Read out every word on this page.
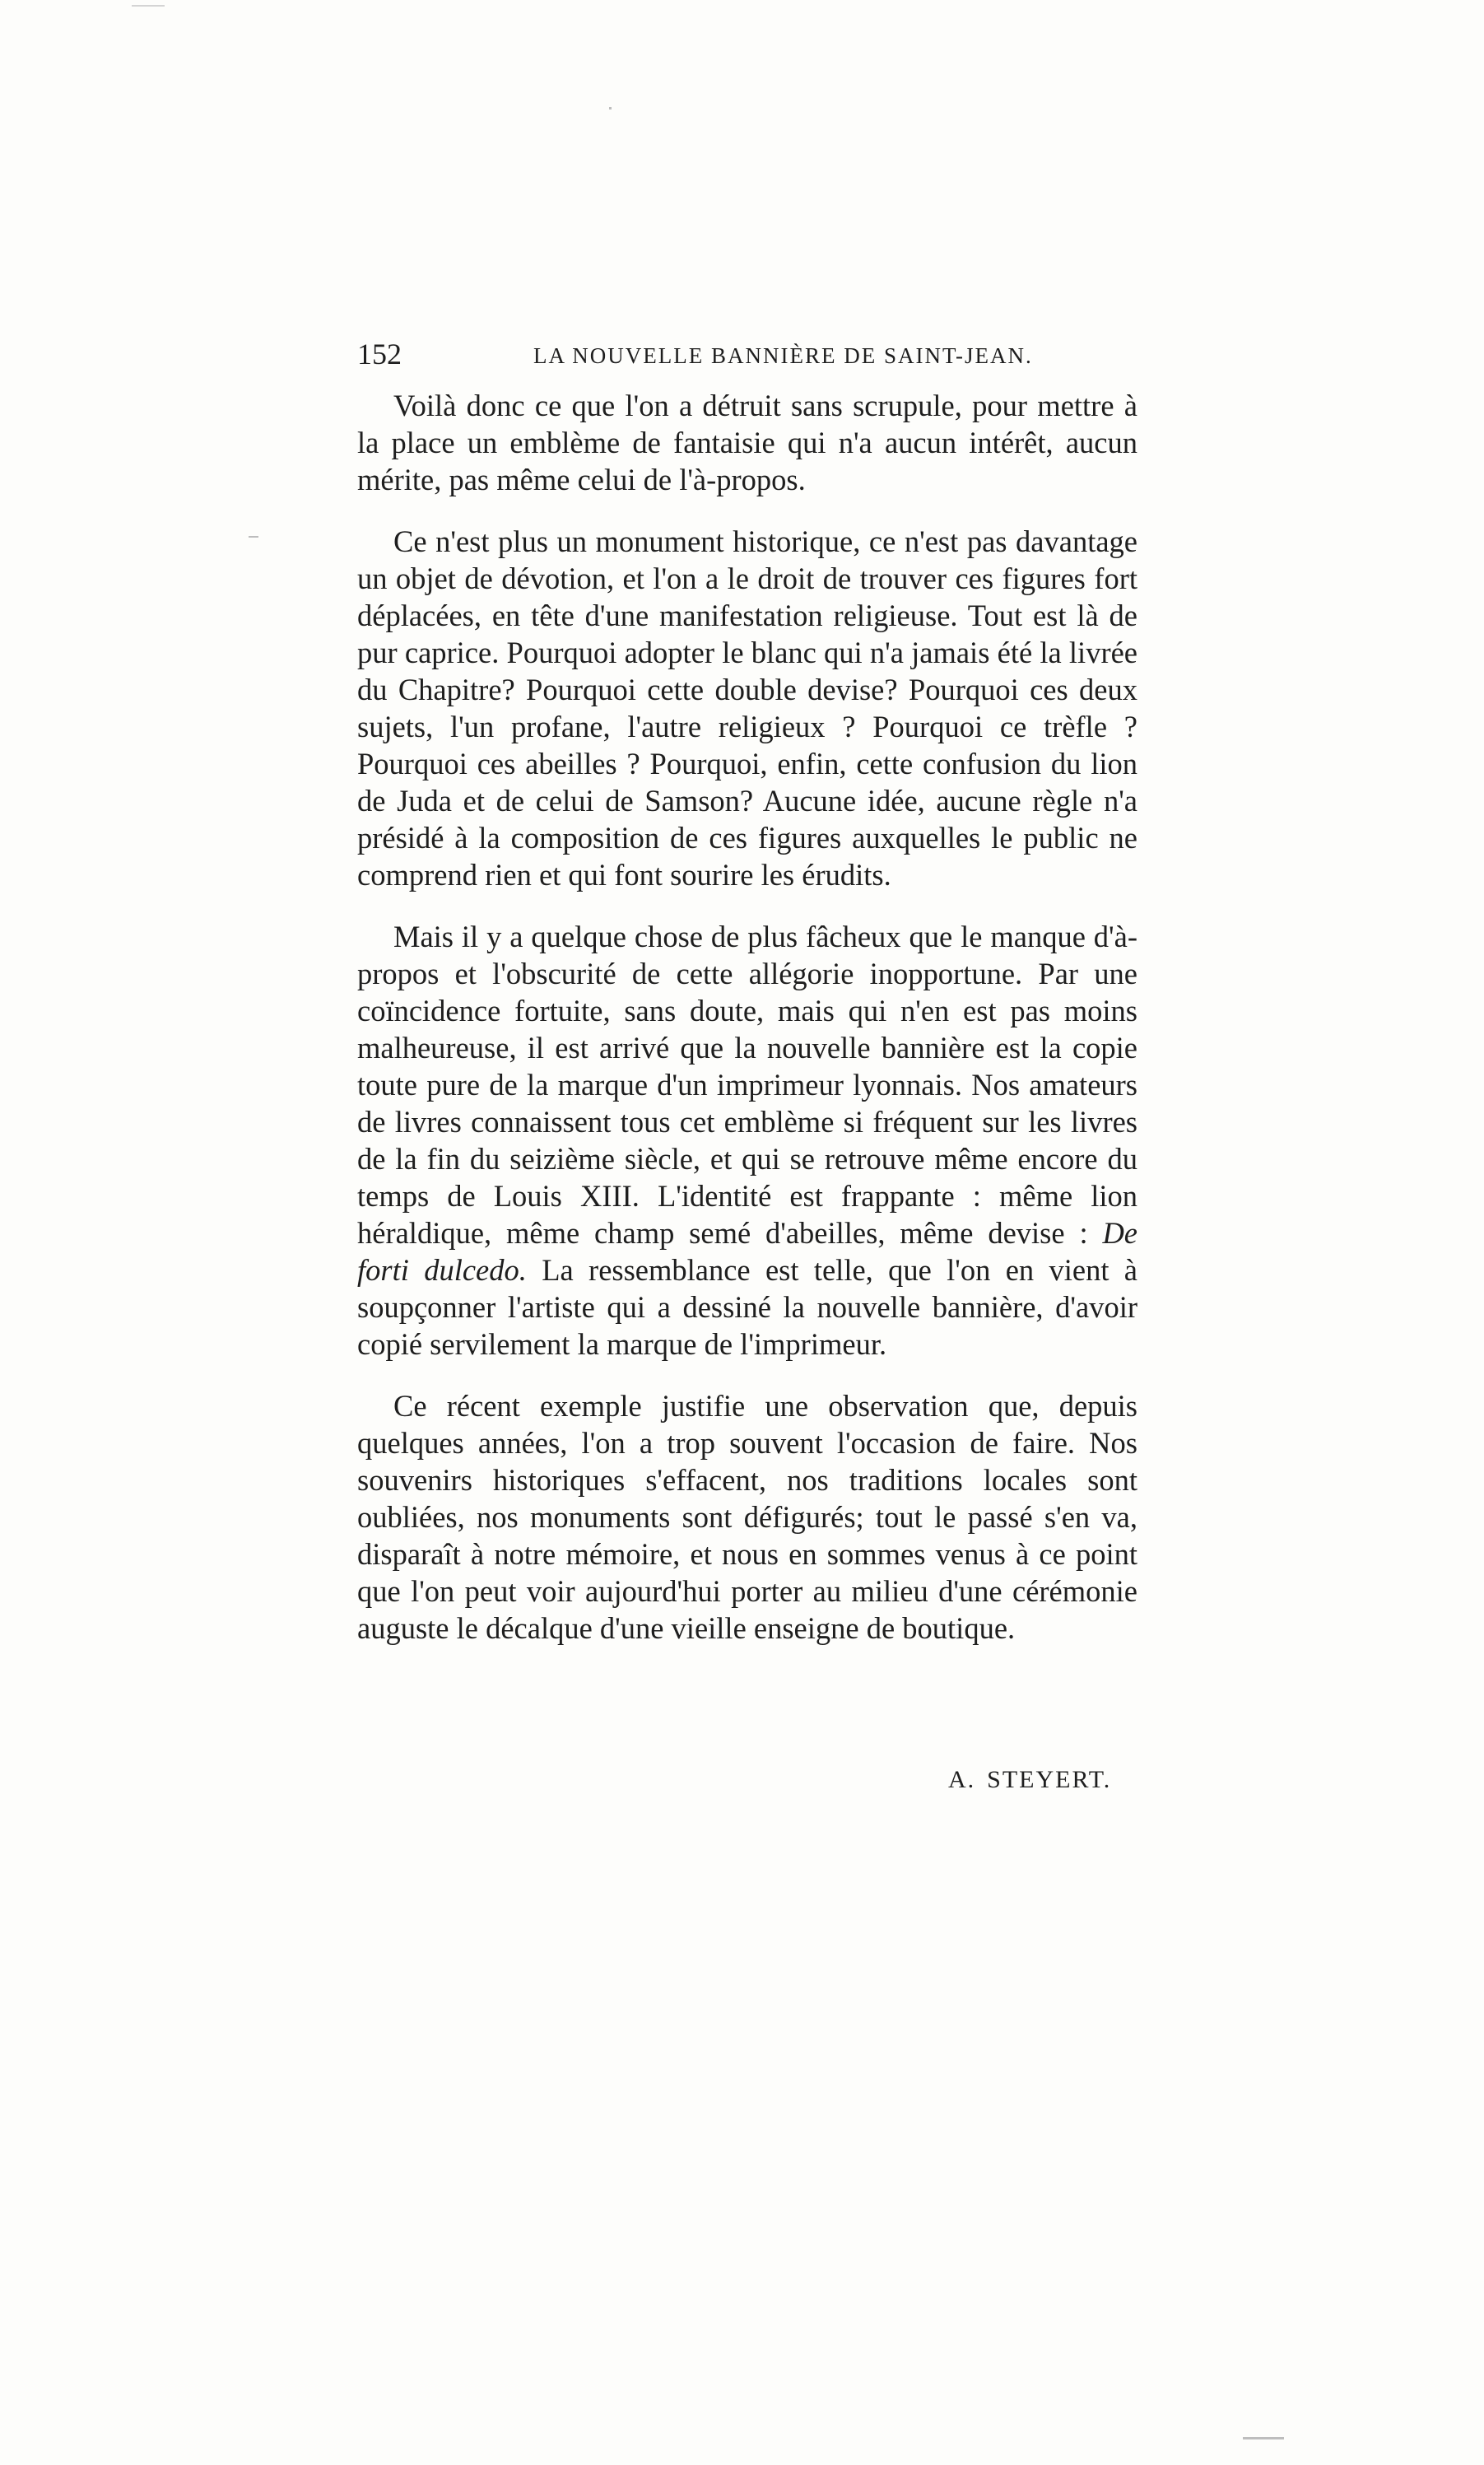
152	LA NOUVELLE BANNIÈRE DE SAINT-JEAN.

Voilà donc ce que l'on a détruit sans scrupule, pour mettre à la place un emblème de fantaisie qui n'a aucun intérêt, aucun mérite, pas même celui de l'à-propos.

Ce n'est plus un monument historique, ce n'est pas davantage un objet de dévotion, et l'on a le droit de trouver ces figures fort déplacées, en tête d'une manifestation religieuse. Tout est là de pur caprice. Pourquoi adopter le blanc qui n'a jamais été la livrée du Chapitre? Pourquoi cette double devise? Pourquoi ces deux sujets, l'un profane, l'autre religieux ? Pourquoi ce trèfle ? Pourquoi ces abeilles ? Pourquoi, enfin, cette confusion du lion de Juda et de celui de Samson? Aucune idée, aucune règle n'a présidé à la composition de ces figures auxquelles le public ne comprend rien et qui font sourire les érudits.

Mais il y a quelque chose de plus fâcheux que le manque d'à-propos et l'obscurité de cette allégorie inopportune. Par une coïncidence fortuite, sans doute, mais qui n'en est pas moins malheureuse, il est arrivé que la nouvelle bannière est la copie toute pure de la marque d'un imprimeur lyonnais. Nos amateurs de livres connaissent tous cet emblème si fréquent sur les livres de la fin du seizième siècle, et qui se retrouve même encore du temps de Louis XIII. L'identité est frappante : même lion héraldique, même champ semé d'abeilles, même devise : De forti dulcedo. La ressemblance est telle, que l'on en vient à soupçonner l'artiste qui a dessiné la nouvelle bannière, d'avoir copié servilement la marque de l'imprimeur.

Ce récent exemple justifie une observation que, depuis quelques années, l'on a trop souvent l'occasion de faire. Nos souvenirs historiques s'effacent, nos traditions locales sont oubliées, nos monuments sont défigurés; tout le passé s'en va, disparaît à notre mémoire, et nous en sommes venus à ce point que l'on peut voir aujourd'hui porter au milieu d'une cérémonie auguste le décalque d'une vieille enseigne de boutique.

A. STEYERT.
